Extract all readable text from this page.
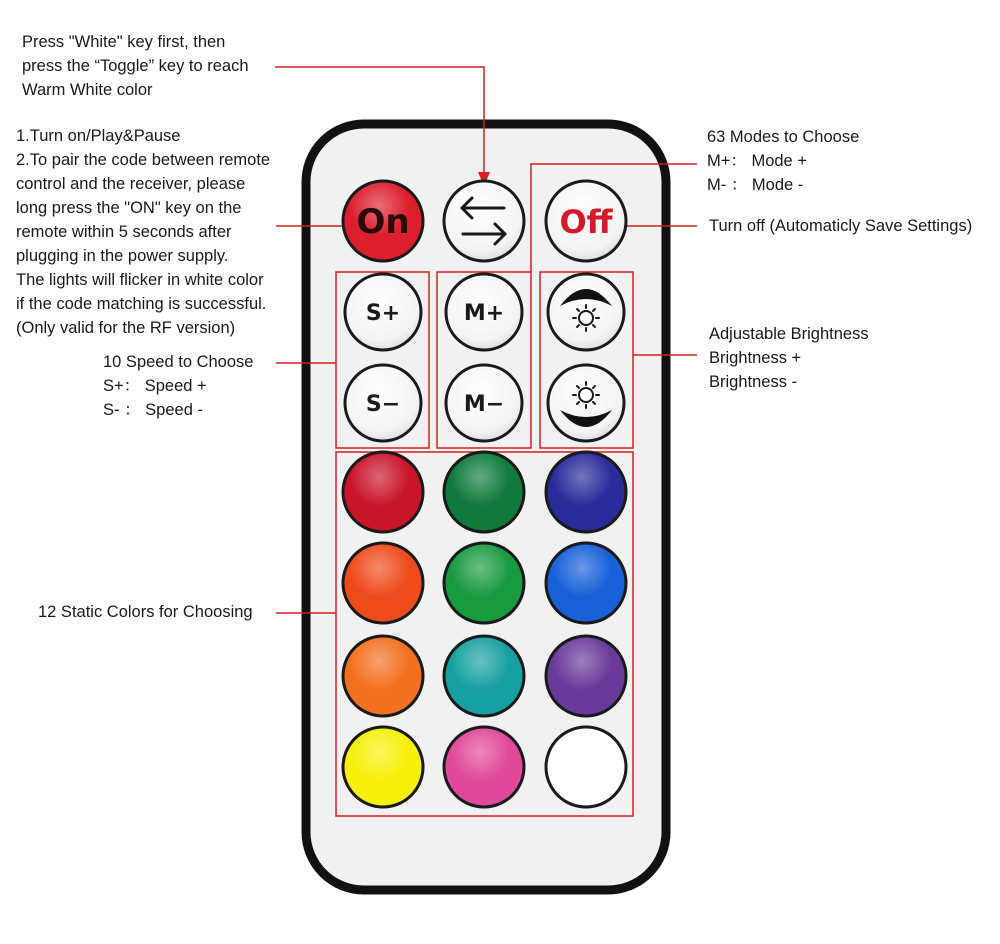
On	Off
S+
S−
M+
M−
Press "White" key first, then
press the “Toggle” key to reach
Warm White color
1.Turn on/Play&Pause
2.To pair the code between remote
control and the receiver, please
long press the "ON" key on the
remote within 5 seconds after
plugging in the power supply.
The lights will flicker in white color
if the code matching is successful.
(Only valid for the RF version)
10 Speed to Choose
S+： Speed +
S- ： Speed -
12 Static Colors for Choosing
63 Modes to Choose
M+： Mode +
M- ： Mode -
Turn off (Automaticly Save Settings)
Adjustable Brightness
Brightness +
Brightness -
